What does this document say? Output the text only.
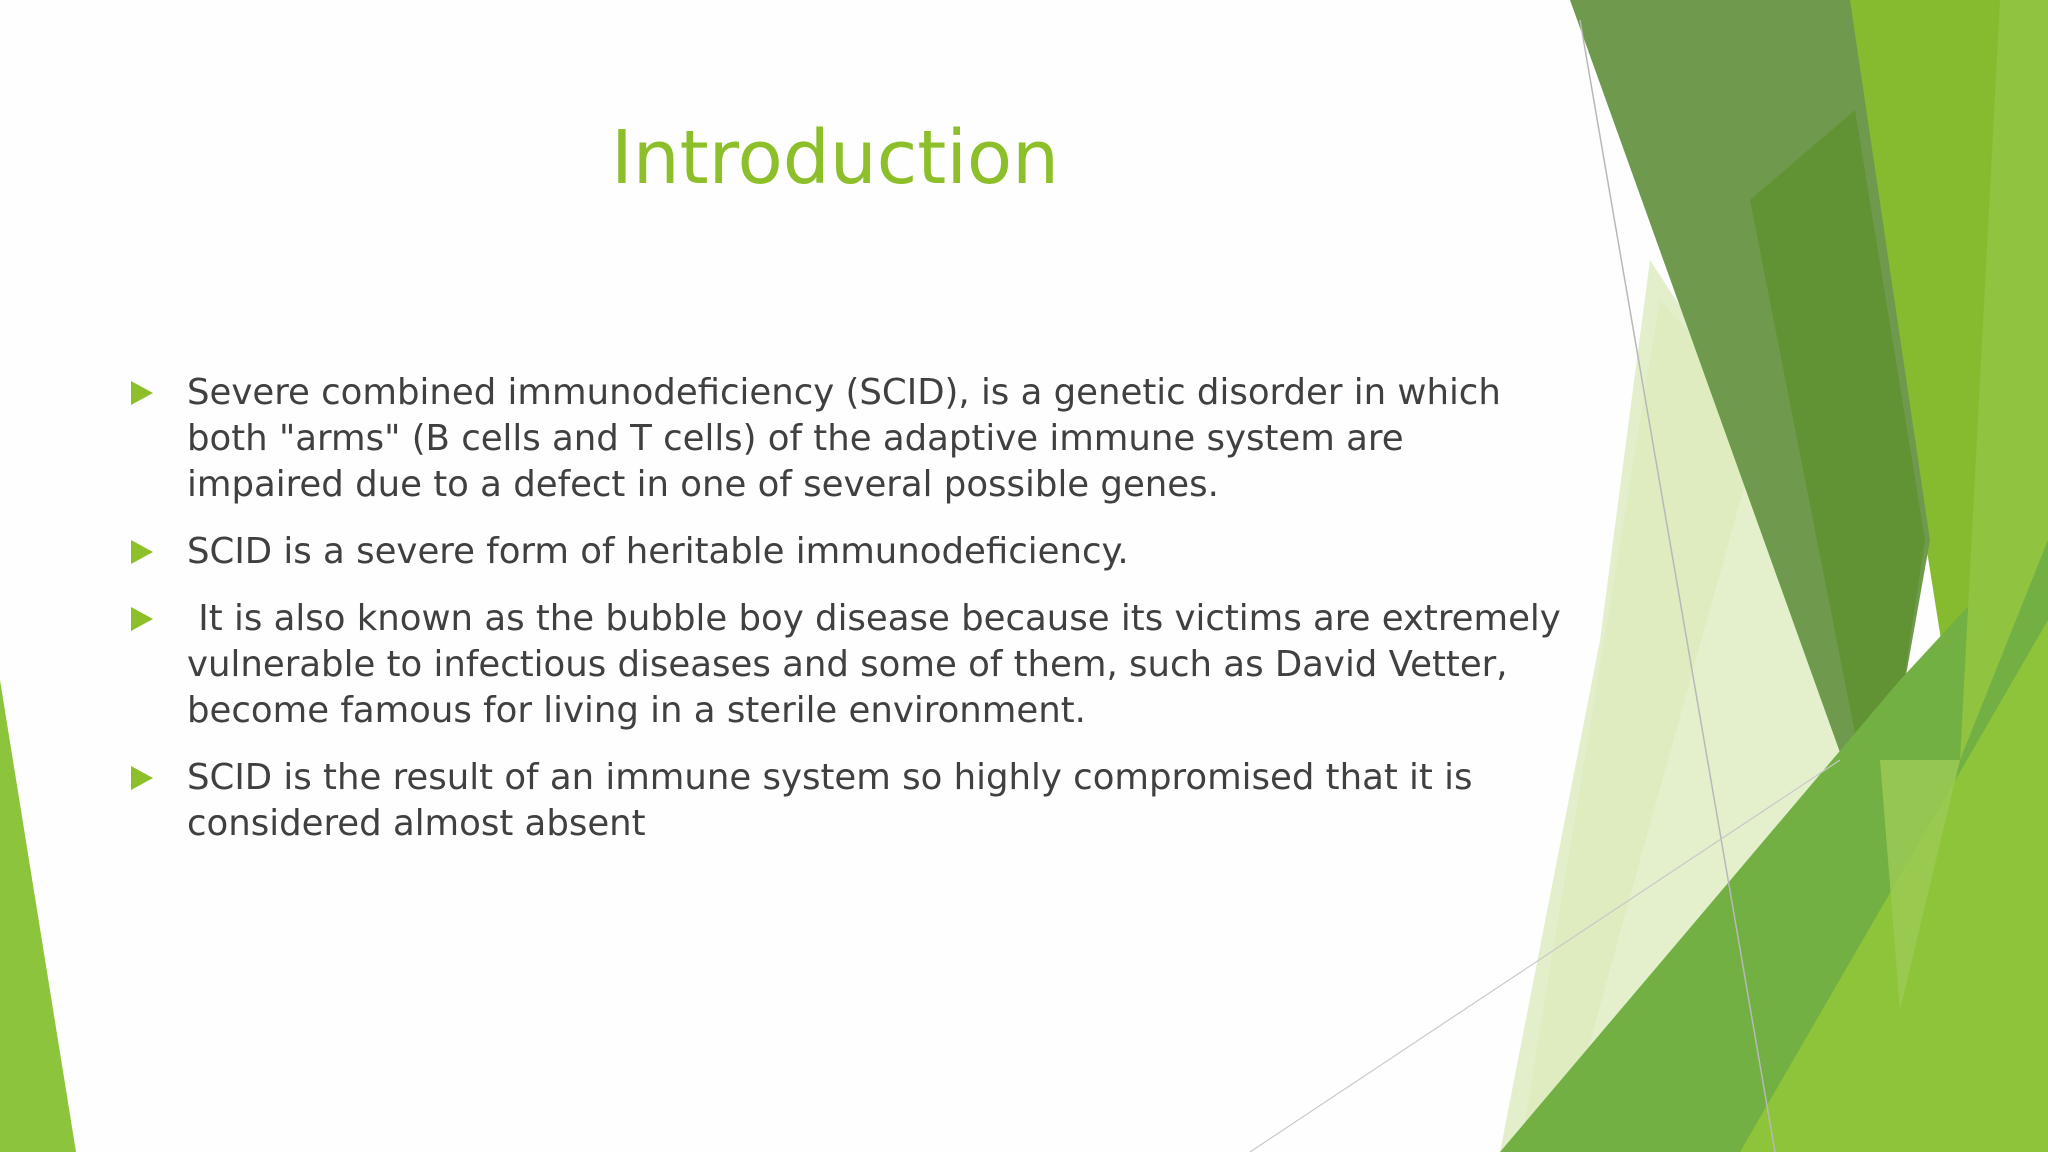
Introduction
Severe combined immunodeficiency (SCID), is a genetic disorder in which both "arms" (B cells and T cells) of the adaptive immune system are impaired due to a defect in one of several possible genes.
SCID is a severe form of heritable immunodeficiency.
It is also known as the bubble boy disease because its victims are extremely vulnerable to infectious diseases and some of them, such as David Vetter, become famous for living in a sterile environment.
SCID is the result of an immune system so highly compromised that it is considered almost absent
